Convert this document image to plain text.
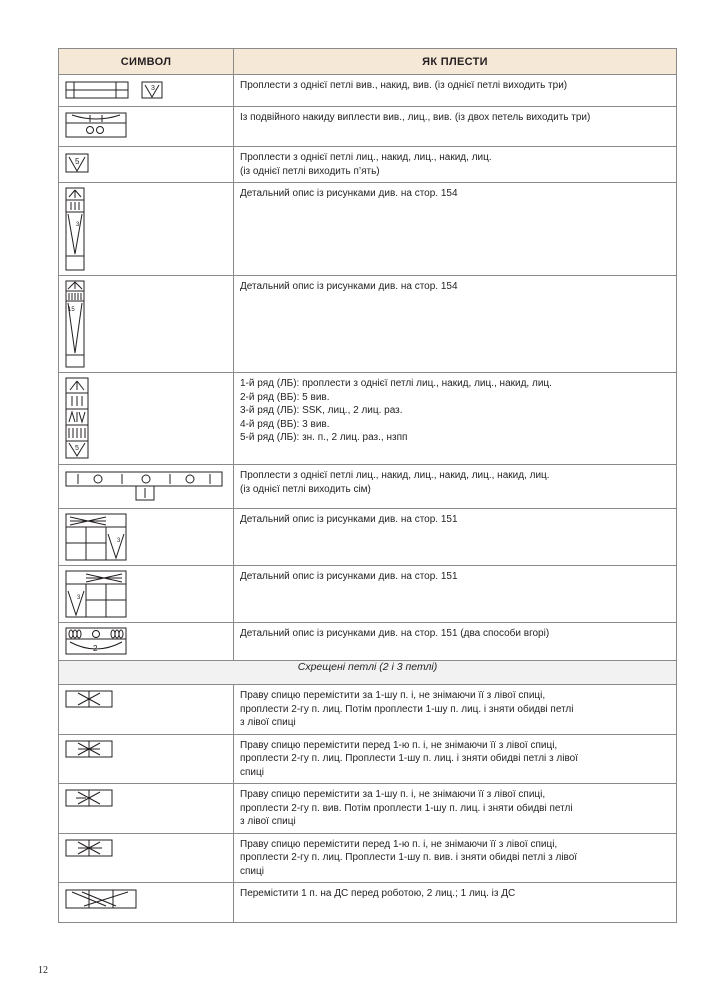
СИМВОЛ	ЯК ПЛЕСТИ

3	Проплести з однієї петлі вив., накид, вив. (із однієї петлі виходить три)

Із подвійного накиду виплести вив., лиц., вив. (із двох петель виходить три)

5	Проплести з однієї петлі лиц., накид, лиц., накид, лиц.
(із однієї петлі виходить п’ять)

3	Детальний опис із рисунками див. на стор. 154

15	Детальний опис із рисунками див. на стор. 154

5	1-й ряд (ЛБ): проплести з однієї петлі лиц., накид, лиц., накид, лиц.
2-й ряд (ВБ): 5 вив.
3-й ряд (ЛБ): SSK, лиц., 2 лиц. раз.
4-й ряд (ВБ): 3 вив.
5-й ряд (ЛБ): зн. п., 2 лиц. раз., нзпп

Проплести з однієї петлі лиц., накид, лиц., накид, лиц., накид, лиц.
(із однієї петлі виходить сім)

3	Детальний опис із рисунками див. на стор. 151

3	Детальний опис із рисунками див. на стор. 151

2	Детальний опис із рисунками див. на стор. 151 (два способи вгорі)

Схрещені петлі (2 і 3 петлі)	

Праву спицю перемістити за 1-шу п. і, не знімаючи її з лівої спиці,
проплести 2-гу п. лиц. Потім проплести 1-шу п. лиц. і зняти обидві петлі
з лівої спиці

Праву спицю перемістити перед 1-ю п. і, не знімаючи її з лівої спиці,
проплести 2-гу п. лиц. Проплести 1-шу п. лиц. і зняти обидві петлі з лівої
спиці

Праву спицю перемістити за 1-шу п. і, не знімаючи її з лівої спиці,
проплести 2-гу п. вив. Потім проплести 1-шу п. лиц. і зняти обидві петлі
з лівої спиці

Праву спицю перемістити перед 1-ю п. і, не знімаючи її з лівої спиці,
проплести 2-гу п. лиц. Проплести 1-шу п. вив. і зняти обидві петлі з лівої
спиці

Перемістити 1 п. на ДС перед роботою, 2 лиц.; 1 лиц. із ДС
12
